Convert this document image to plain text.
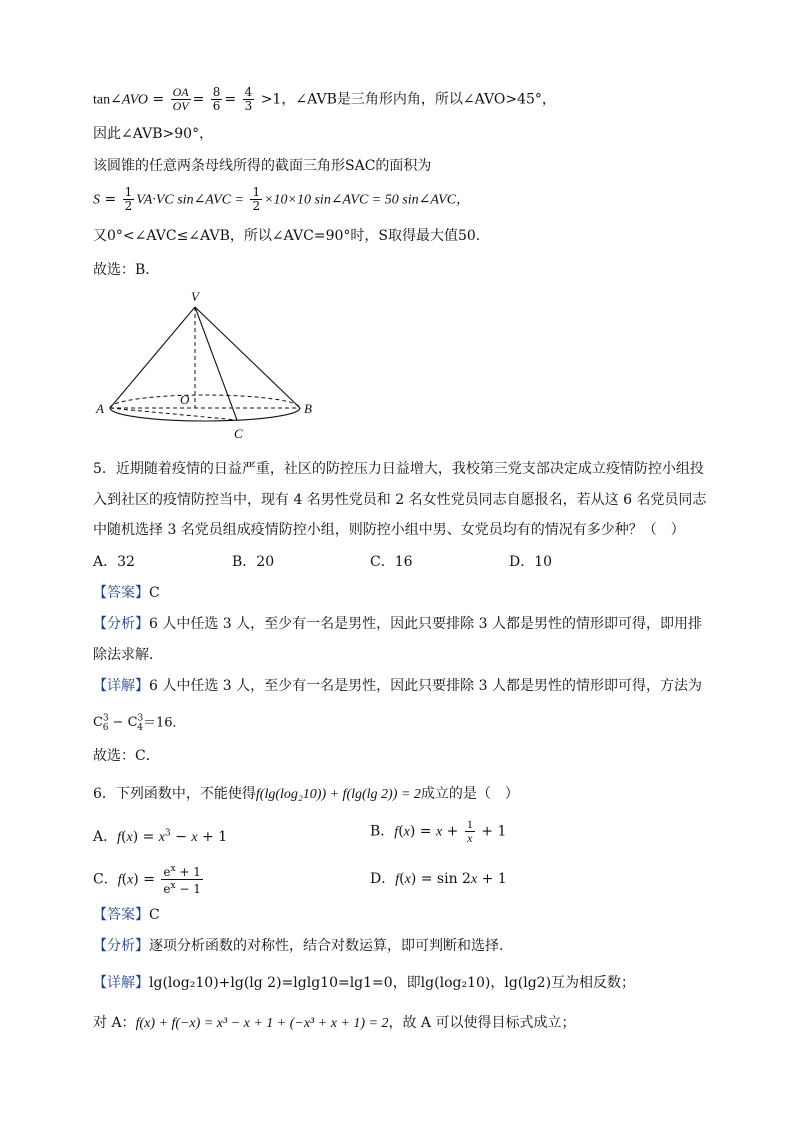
tan∠AVO = $\frac{OA}{OV} = \frac{8}{6} = \frac{4}{3} >1$，∠AVB是三角形内角，所以∠AVO>45°，
因此∠AVB>90°，
该圆锥的任意两条母线所得的截面三角形SAC的面积为
$S = \frac{1}{2} VA\cdot VC$ sin∠AVC = $\frac{1}{2} \times 10\times 10$ sin∠AVC = 50 sin∠AVC，
又0°<∠AVC≤∠AVB，所以∠AVC=90°时，S取得最大值50.
故选：B．
V
O
A	B
C
5．近期随着疫情的日益严重，社区的防控压力日益增大，我校第三党支部决定成立疫情防控小组投
入到社区的疫情防控当中，现有 4 名男性党员和 2 名女性党员同志自愿报名，若从这 6 名党员同志
中随机选择 3 名党员组成疫情防控小组，则防控小组中男、女党员均有的情况有多少种？（　）
A．32	B．20	C．16	D．10
【答案】C
【分析】6 人中任选 3 人，至少有一名是男性，因此只要排除 3 人都是男性的情形即可得，即用排
除法求解．
【详解】6 人中任选 3 人，至少有一名是男性，因此只要排除 3 人都是男性的情形即可得，方法为
$C^3_6 - C^3_4=16$．
故选：C．
6．下列函数中，不能使得f(lg(log₂10)) + f(lg(lg 2)) = 2成立的是（　）
A．$f(x) = x^3 - x + 1$	B．$f(x) = x + \frac{1}{x} + 1$
C．$f(x) = \frac{e^x + 1}{e^x - 1}$	D．f(x) = sin 2x + 1
【答案】C
【分析】逐项分析函数的对称性，结合对数运算，即可判断和选择.
【详解】lg(log₂10)+lg(lg 2)=lglg10=lg1=0，即lg(log₂10)，lg(lg2)互为相反数；
对 A：f(x) + f(−x) = x³ − x + 1 + (−x³ + x + 1) = 2，故 A 可以使得目标式成立；
